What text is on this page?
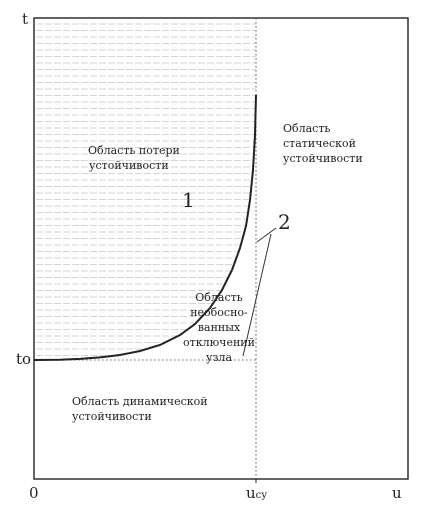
t
to
0	uсу	u
Область потери
устойчивости
Область
статической
устойчивости
Область
необосно-
ванных
отключений узла
Область динамической
устойчивости
1
2
